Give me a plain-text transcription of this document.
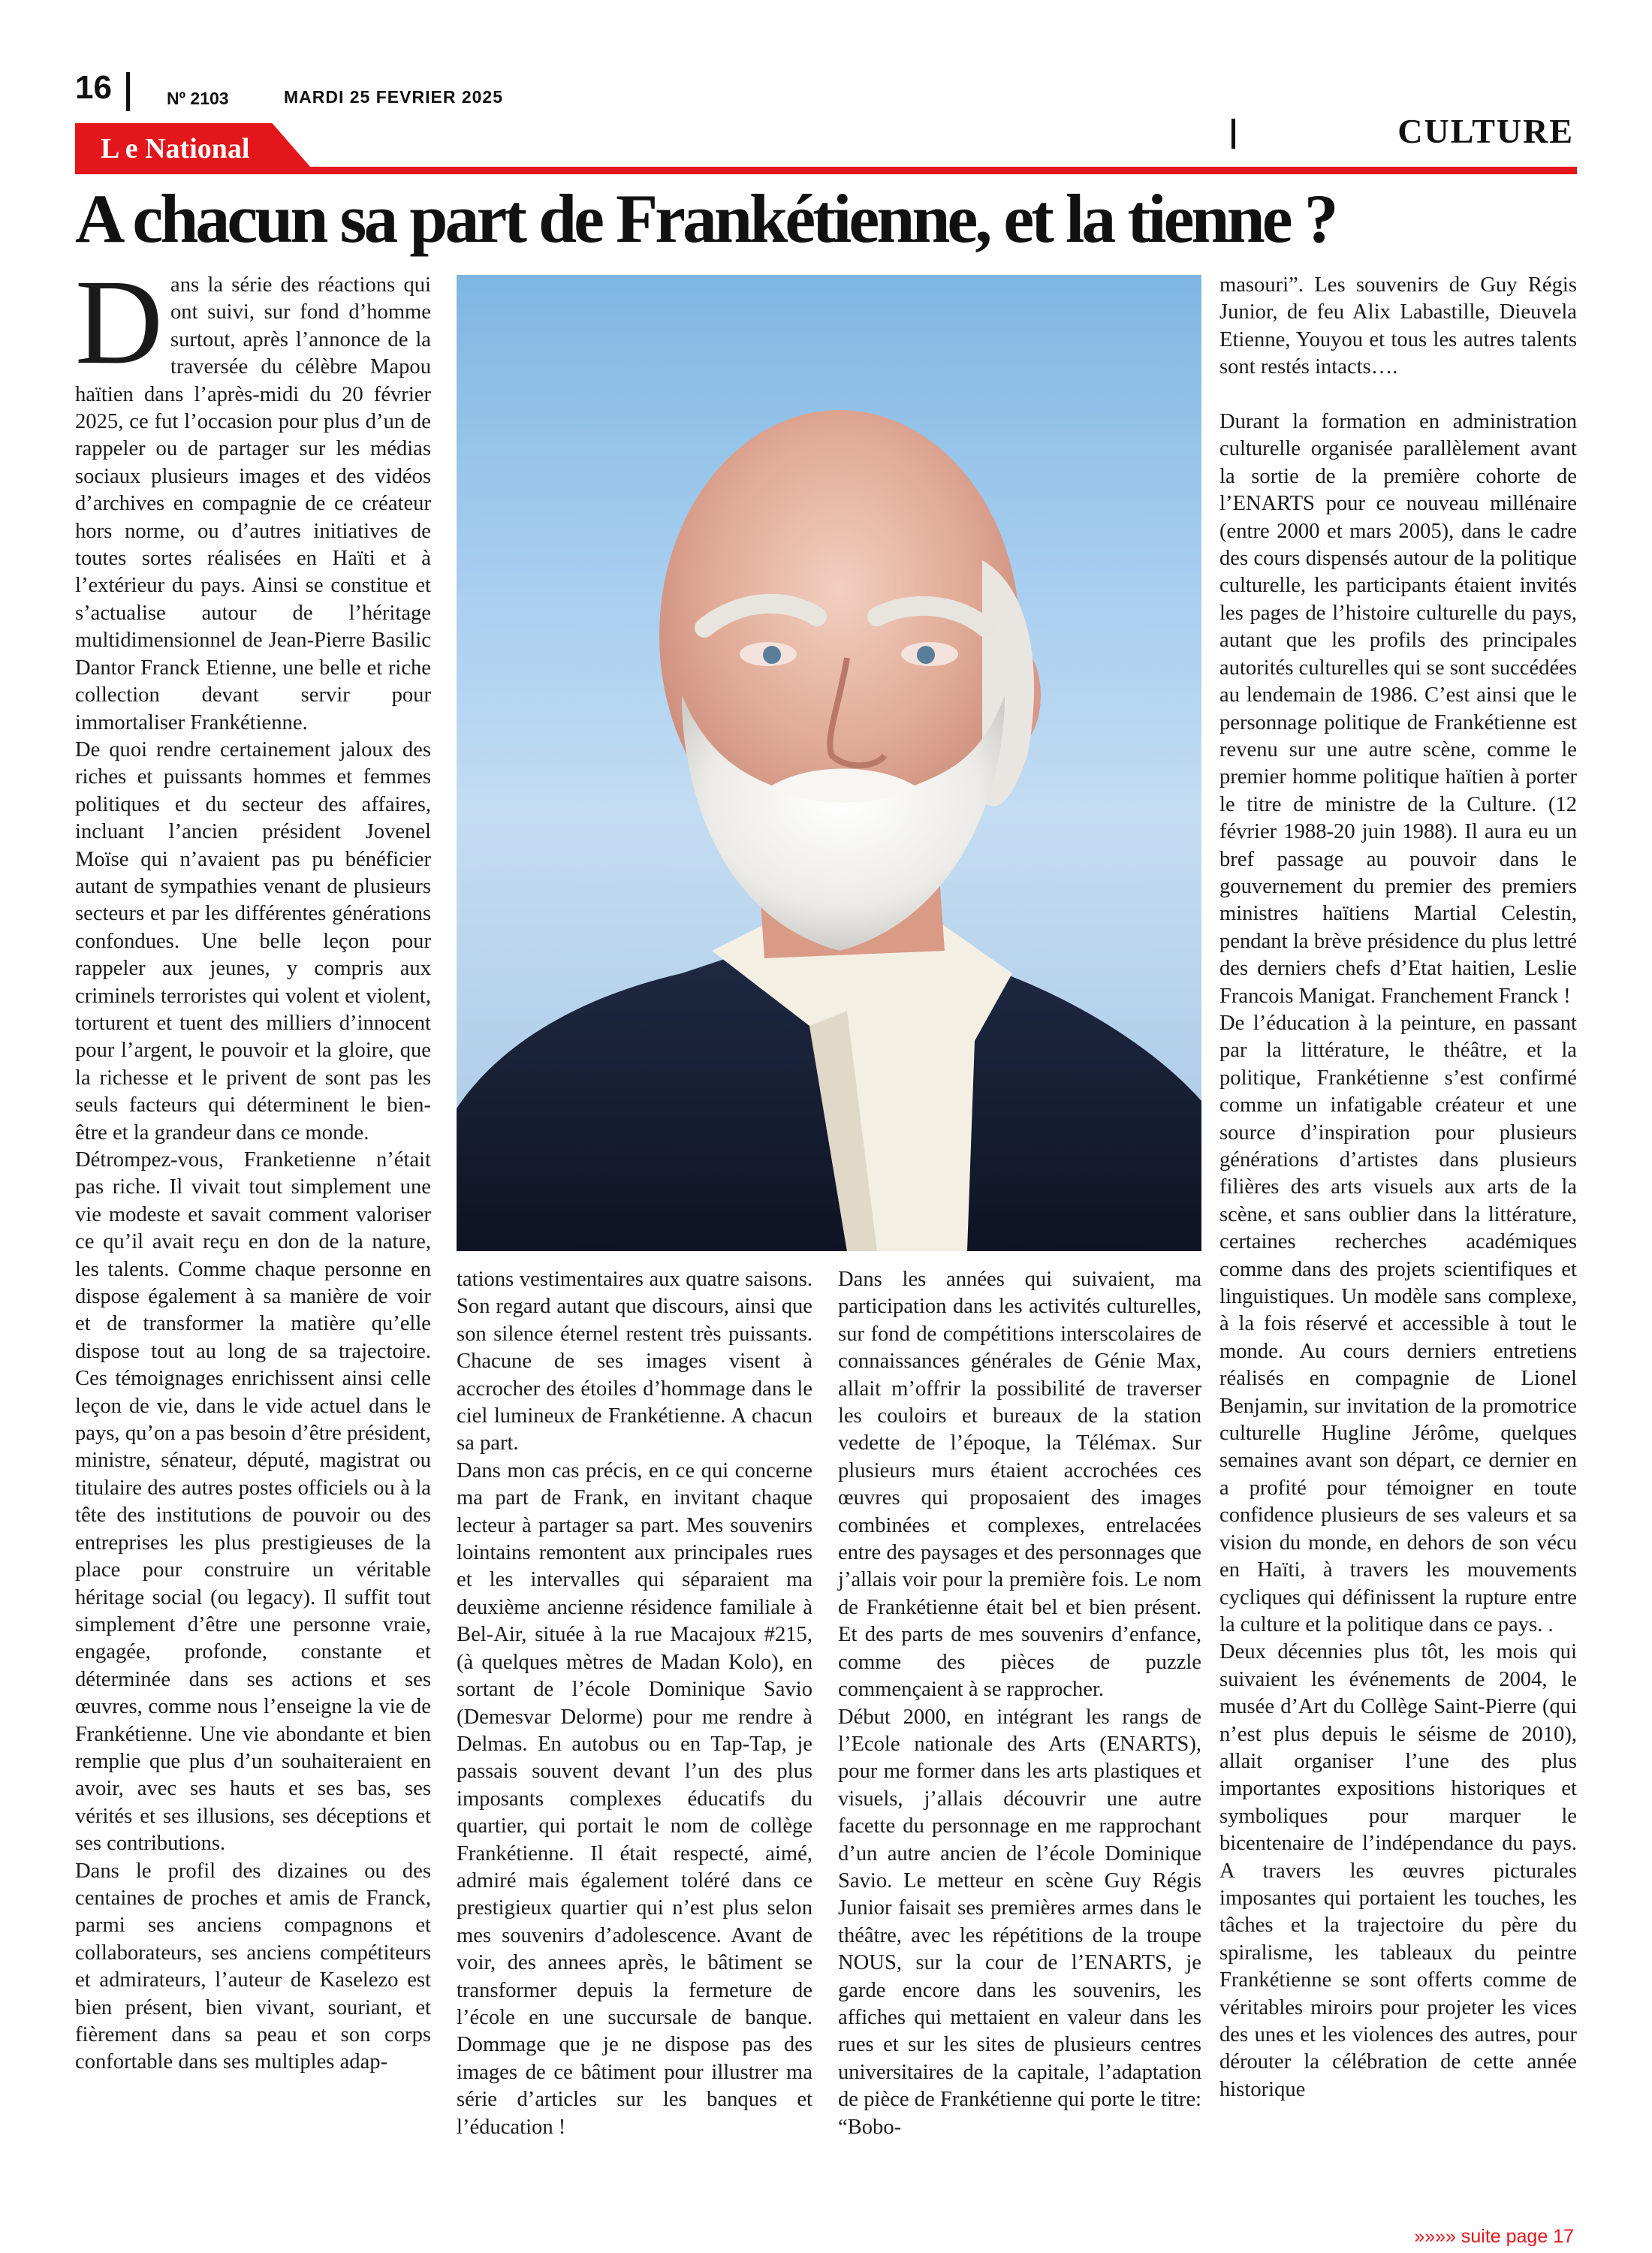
16	Nº 2103	MARDI 25 FEVRIER 2025
CULTURE
L e National
A chacun sa part de Frankétienne, et la tienne ?

Dans la série des réactions qui ont suivi, sur fond d’homme surtout, après l’annonce de la traversée du célèbre Mapou haïtien dans l’après-midi du 20 février 2025, ce fut l’occasion pour plus d’un de rappeler ou de partager sur les médias sociaux plusieurs images et des vidéos d’archives en compagnie de ce créateur hors norme, ou d’autres initiatives de toutes sortes réalisées en Haïti et à l’extérieur du pays. Ainsi se constitue et s’actualise autour de l’héritage multidimensionnel de Jean-Pierre Basilic Dantor Franck Etienne, une belle et riche collection devant servir pour immortaliser Frankétienne.

De quoi rendre certainement jaloux des riches et puissants hommes et femmes politiques et du secteur des affaires, incluant l’ancien président Jovenel Moïse qui n’avaient pas pu bénéficier autant de sympathies venant de plusieurs secteurs et par les différentes générations confondues. Une belle leçon pour rappeler aux jeunes, y compris aux criminels terroristes qui volent et violent, torturent et tuent des milliers d’innocent pour l’argent, le pouvoir et la gloire, que la richesse et le privent de sont pas les seuls facteurs qui déterminent le bien-être et la grandeur dans ce monde.

Détrompez-vous, Franketienne n’était pas riche. Il vivait tout simplement une vie modeste et savait comment valoriser ce qu’il avait reçu en don de la nature, les talents. Comme chaque personne en dispose également à sa manière de voir et de transformer la matière qu’elle dispose tout au long de sa trajectoire. Ces témoignages enrichissent ainsi celle leçon de vie, dans le vide actuel dans le pays, qu’on a pas besoin d’être président, ministre, sénateur, député, magistrat ou titulaire des autres postes officiels ou à la tête des institutions de pouvoir ou des entreprises les plus prestigieuses de la place pour construire un véritable héritage social (ou legacy). Il suffit tout simplement d’être une personne vraie, engagée, profonde, constante et déterminée dans ses actions et ses œuvres, comme nous l’enseigne la vie de Frankétienne. Une vie abondante et bien remplie que plus d’un souhaiteraient en avoir, avec ses hauts et ses bas, ses vérités et ses illusions, ses déceptions et ses contributions.

Dans le profil des dizaines ou des centaines de proches et amis de Franck, parmi ses anciens compagnons et collaborateurs, ses anciens compétiteurs et admirateurs, l’auteur de Kaselezo est bien présent, bien vivant, souriant, et fièrement dans sa peau et son corps confortable dans ses multiples adap-

tations vestimentaires aux quatre saisons. Son regard autant que discours, ainsi que son silence éternel restent très puissants. Chacune de ses images visent à accrocher des étoiles d’hommage dans le ciel lumineux de Frankétienne. A chacun sa part.

Dans mon cas précis, en ce qui concerne ma part de Frank, en invitant chaque lecteur à partager sa part. Mes souvenirs lointains remontent aux principales rues et les intervalles qui séparaient ma deuxième ancienne résidence familiale à Bel-Air, située à la rue Macajoux #215, (à quelques mètres de Madan Kolo), en sortant de l’école Dominique Savio (Demesvar Delorme) pour me rendre à Delmas. En autobus ou en Tap-Tap, je passais souvent devant l’un des plus imposants complexes éducatifs du quartier, qui portait le nom de collège Frankétienne. Il était respecté, aimé, admiré mais également toléré dans ce prestigieux quartier qui n’est plus selon mes souvenirs d’adolescence. Avant de voir, des annees après, le bâtiment se transformer depuis la fermeture de l’école en une succursale de banque. Dommage que je ne dispose pas des images de ce bâtiment pour illustrer ma série d’articles sur les banques et l’éducation !

Dans les années qui suivaient, ma participation dans les activités culturelles, sur fond de compétitions interscolaires de connaissances générales de Génie Max, allait m’offrir la possibilité de traverser les couloirs et bureaux de la station vedette de l’époque, la Télémax. Sur plusieurs murs étaient accrochées ces œuvres qui proposaient des images combinées et complexes, entrelacées entre des paysages et des personnages que j’allais voir pour la première fois. Le nom de Frankétienne était bel et bien présent. Et des parts de mes souvenirs d’enfance, comme des pièces de puzzle commençaient à se rapprocher.

Début 2000, en intégrant les rangs de l’Ecole nationale des Arts (ENARTS), pour me former dans les arts plastiques et visuels, j’allais découvrir une autre facette du personnage en me rapprochant d’un autre ancien de l’école Dominique Savio. Le metteur en scène Guy Régis Junior faisait ses premières armes dans le théâtre, avec les répétitions de la troupe NOUS, sur la cour de l’ENARTS, je garde encore dans les souvenirs, les affiches qui mettaient en valeur dans les rues et sur les sites de plusieurs centres universitaires de la capitale, l’adaptation de pièce de Frankétienne qui porte le titre: “Bobo-

masouri”. Les souvenirs de Guy Régis Junior, de feu Alix Labastille, Dieuvela Etienne, Youyou et tous les autres talents sont restés intacts….

Durant la formation en administration culturelle organisée parallèlement avant la sortie de la première cohorte de l’ENARTS pour ce nouveau millénaire (entre 2000 et mars 2005), dans le cadre des cours dispensés autour de la politique culturelle, les participants étaient invités les pages de l’histoire culturelle du pays, autant que les profils des principales autorités culturelles qui se sont succédées au lendemain de 1986. C’est ainsi que le personnage politique de Frankétienne est revenu sur une autre scène, comme le premier homme politique haïtien à porter le titre de ministre de la Culture. (12 février 1988-20 juin 1988). Il aura eu un bref passage au pouvoir dans le gouvernement du premier des premiers ministres haïtiens Martial Celestin, pendant la brève présidence du plus lettré des derniers chefs d’Etat haitien, Leslie Francois Manigat. Franchement Franck !

De l’éducation à la peinture, en passant par la littérature, le théâtre, et la politique, Frankétienne s’est confirmé comme un infatigable créateur et une source d’inspiration pour plusieurs générations d’artistes dans plusieurs filières des arts visuels aux arts de la scène, et sans oublier dans la littérature, certaines recherches académiques comme dans des projets scientifiques et linguistiques. Un modèle sans complexe, à la fois réservé et accessible à tout le monde. Au cours derniers entretiens réalisés en compagnie de Lionel Benjamin, sur invitation de la promotrice culturelle Hugline Jérôme, quelques semaines avant son départ, ce dernier en a profité pour témoigner en toute confidence plusieurs de ses valeurs et sa vision du monde, en dehors de son vécu en Haïti, à travers les mouvements cycliques qui définissent la rupture entre la culture et la politique dans ce pays. .

Deux décennies plus tôt, les mois qui suivaient les événements de 2004, le musée d’Art du Collège Saint-Pierre (qui n’est plus depuis le séisme de 2010), allait organiser l’une des plus importantes expositions historiques et symboliques pour marquer le bicentenaire de l’indépendance du pays. A travers les œuvres picturales imposantes qui portaient les touches, les tâches et la trajectoire du père du spiralisme, les tableaux du peintre Frankétienne se sont offerts comme de véritables miroirs pour projeter les vices des unes et les violences des autres, pour dérouter la célébration de cette année historique

»»»» suite page 17
